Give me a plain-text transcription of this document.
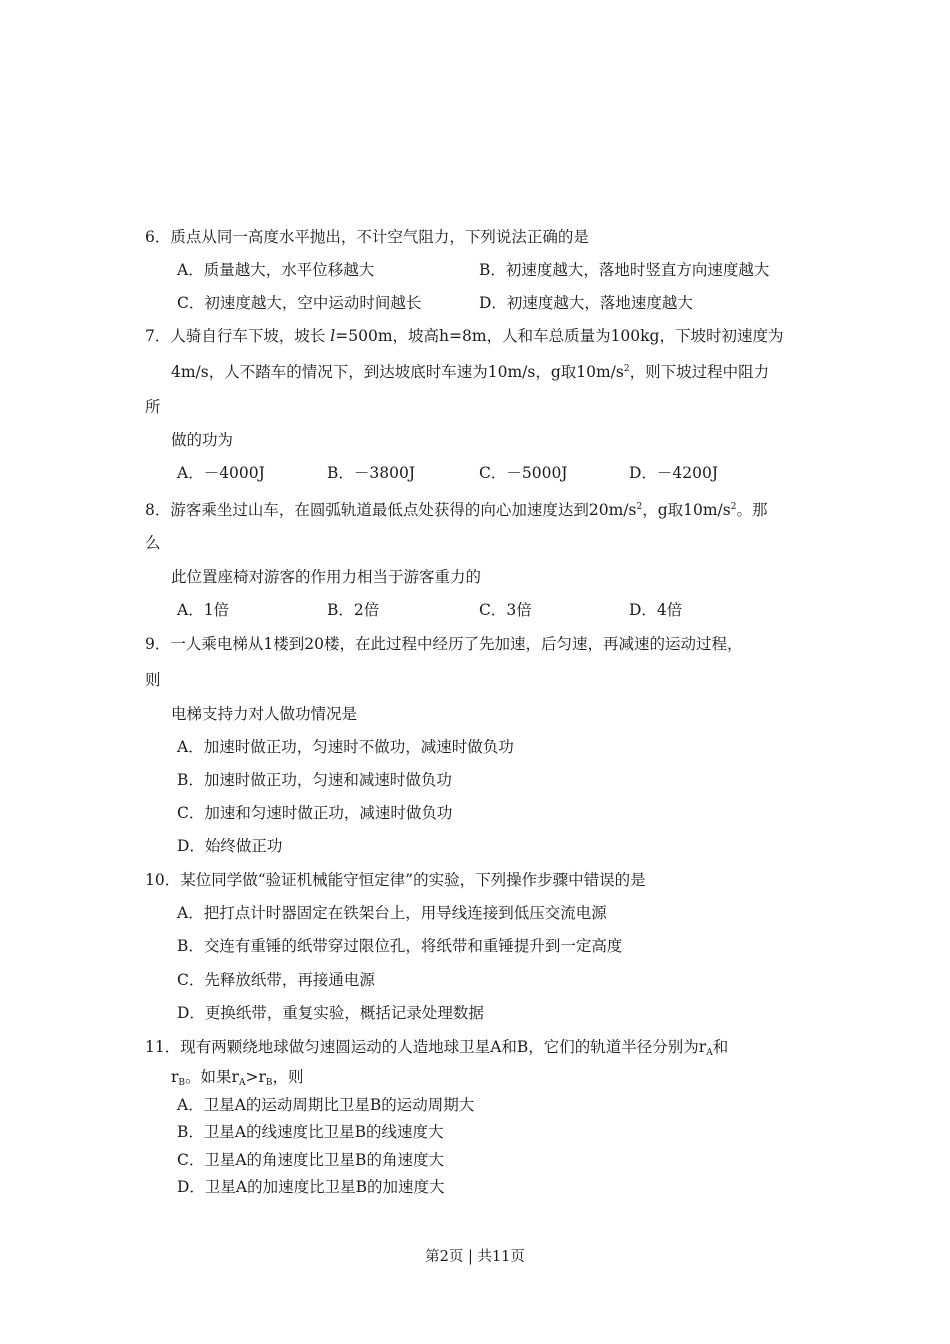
6．质点从同一高度水平抛出，不计空气阻力，下列说法正确的是
A．质量越大，水平位移越大	B．初速度越大，落地时竖直方向速度越大
C．初速度越大，空中运动时间越长	D．初速度越大，落地速度越大
7．人骑自行车下坡，坡长 l=500m，坡高h=8m，人和车总质量为100kg，下坡时初速度为
4m/s，人不踏车的情况下，到达坡底时车速为10m/s，g取$10m/s^2$，则下坡过程中阻力
所
做的功为
A．－4000J	B．－3800J	C．－5000J	D．－4200J
8．游客乘坐过山车，在圆弧轨道最低点处获得的向心加速度达到$20m/s^2$，g取$10m/s^2$。那
么
此位置座椅对游客的作用力相当于游客重力的
A．1倍	B．2倍	C．3倍	D．4倍
9．一人乘电梯从1楼到20楼，在此过程中经历了先加速，后匀速，再减速的运动过程，
则
电梯支持力对人做功情况是
A．加速时做正功，匀速时不做功，减速时做负功
B．加速时做正功，匀速和减速时做负功
C．加速和匀速时做正功，减速时做负功
D．始终做正功
10．某位同学做“验证机械能守恒定律”的实验，下列操作步骤中错误的是
A．把打点计时器固定在铁架台上，用导线连接到低压交流电源
B．交连有重锤的纸带穿过限位孔，将纸带和重锤提升到一定高度
C．先释放纸带，再接通电源
D．更换纸带，重复实验，概括记录处理数据
11．现有两颗绕地球做匀速圆运动的人造地球卫星A和B，它们的轨道半径分别为$r_A$和
$r_B$。如果$r_A>r_B$，则
A．卫星A的运动周期比卫星B的运动周期大
B．卫星A的线速度比卫星B的线速度大
C．卫星A的角速度比卫星B的角速度大
D．卫星A的加速度比卫星B的加速度大
第2页 | 共11页
